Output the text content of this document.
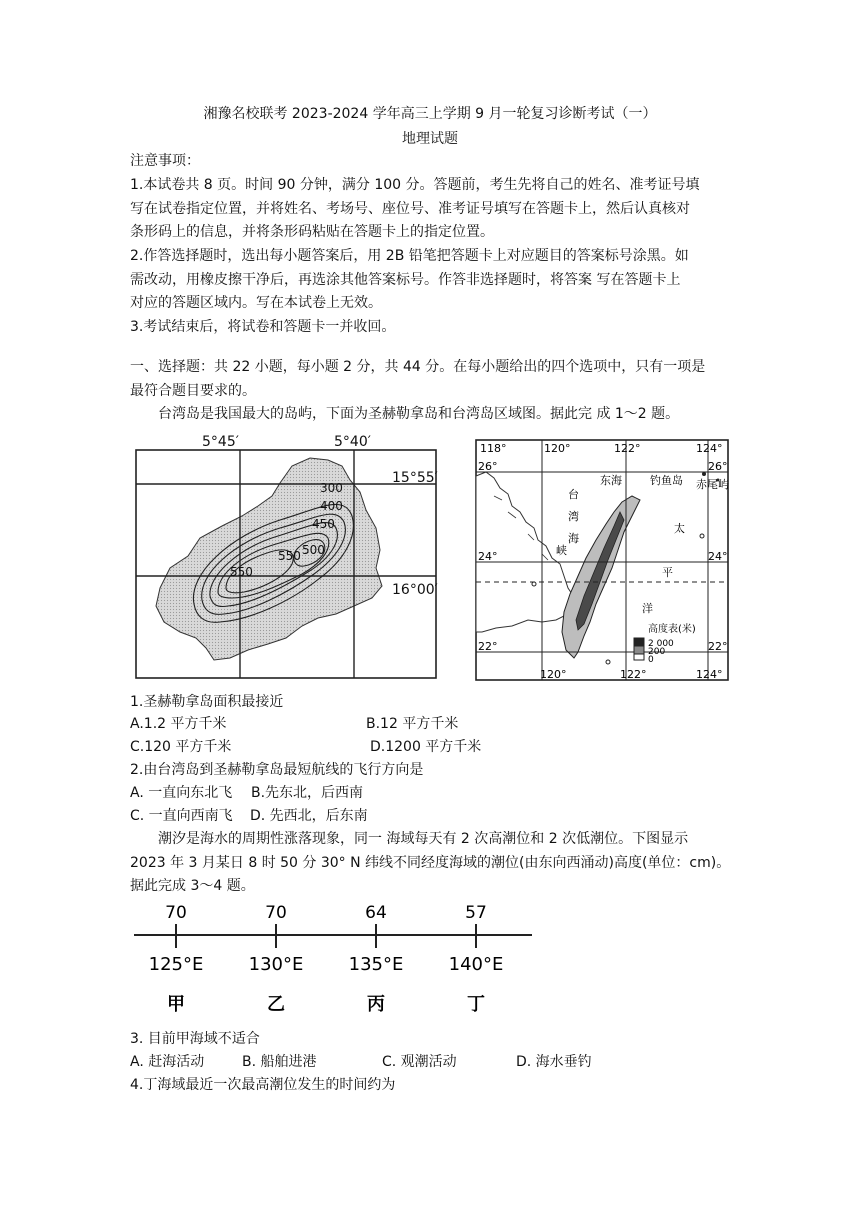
湘豫名校联考 2023-2024 学年高三上学期 9 月一轮复习诊断考试（一）
地理试题
注意事项：
1.本试卷共 8 页。时间 90 分钟，满分 100 分。答题前，考生先将自己的姓名、准考证号填
写在试卷指定位置，并将姓名、考场号、座位号、准考证号填写在答题卡上，然后认真核对
条形码上的信息，并将条形码粘贴在答题卡上的指定位置。
2.作答选择题时，选出每小题答案后，用 2B 铅笔把答题卡上对应题目的答案标号涂黑。如
需改动，用橡皮擦干净后，再选涂其他答案标号。作答非选择题时，将答案 写在答题卡上
对应的答题区域内。写在本试卷上无效。
3.考试结束后，将试卷和答题卡一并收回。
一、选择题：共 22 小题，每小题 2 分，共 44 分。在每小题给出的四个选项中，只有一项是
最符合题目要求的。
台湾岛是我国最大的岛屿，下面为圣赫勒拿岛和台湾岛区域图。据此完 成 1～2 题。
5°45′	5°40′
15°55′
16°00′
300
400
450
500
550
550
118°	120°	122°	124°
120°	122°	124°
26°
24°
22°
26°
24°
22°
东海	钓鱼岛 赤尾屿
台
湾
海
峡
太
平
洋
高度表(米)
2 000
200
0
1.圣赫勒拿岛面积最接近
A.1.2 平方千米	B.12 平方千米
C.120 平方千米	D.1200 平方千米
2.由台湾岛到圣赫勒拿岛最短航线的飞行方向是
A. 一直向东北飞 B.先东北，后西南
C. 一直向西南飞 D. 先西北，后东南
潮汐是海水的周期性涨落现象，同一 海域每天有 2 次高潮位和 2 次低潮位。下图显示
2023 年 3 月某日 8 时 50 分 30° N 纬线不同经度海域的潮位(由东向西涌动)高度(单位：cm)。
据此完成 3～4 题。
70
125°E
甲
70
130°E
乙
64
135°E
丙
57
140°E
丁
3. 目前甲海域不适合
A. 赶海活动	B. 船舶进港	C. 观潮活动	D. 海水垂钓
4.丁海域最近一次最高潮位发生的时间约为
